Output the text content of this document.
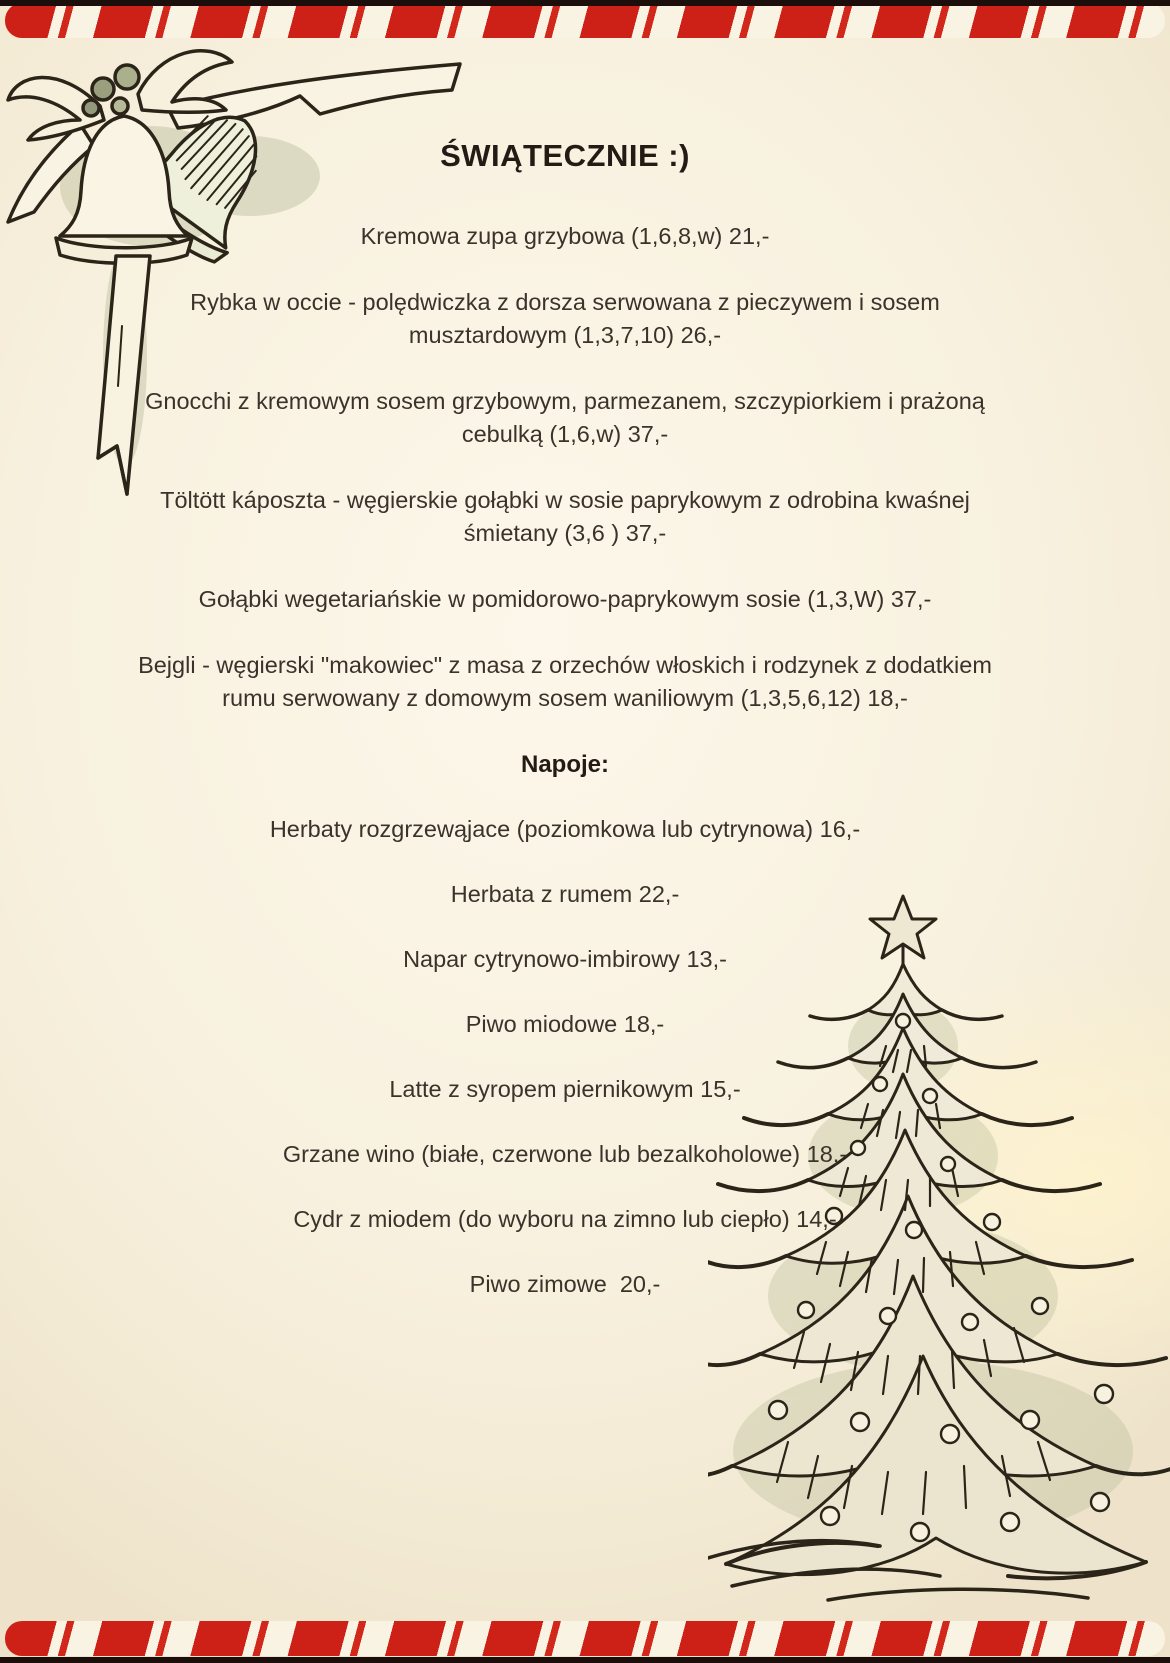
ŚWIĄTECZNIE :)

Kremowa zupa grzybowa (1,6,8,w) 21,-

Rybka w occie - polędwiczka z dorsza serwowana z pieczywem i sosem musztardowym (1,3,7,10) 26,-

Gnocchi z kremowym sosem grzybowym, parmezanem, szczypiorkiem i prażoną cebulką (1,6,w) 37,-

Töltött káposzta - węgierskie gołąbki w sosie paprykowym z odrobina kwaśnej śmietany (3,6 ) 37,-

Gołąbki wegetariańskie w pomidorowo-paprykowym sosie (1,3,W) 37,-

Bejgli - węgierski "makowiec" z masa z orzechów włoskich i rodzynek z dodatkiem rumu serwowany z domowym sosem waniliowym (1,3,5,6,12) 18,-

Napoje:

Herbaty rozgrzewąjace (poziomkowa lub cytrynowa) 16,-

Herbata z rumem 22,-

Napar cytrynowo-imbirowy 13,-

Piwo miodowe 18,-

Latte z syropem piernikowym 15,-

Grzane wino (białe, czerwone lub bezalkoholowe) 18,-

Cydr z miodem (do wyboru na zimno lub ciepło) 14,-

Piwo zimowe  20,-
